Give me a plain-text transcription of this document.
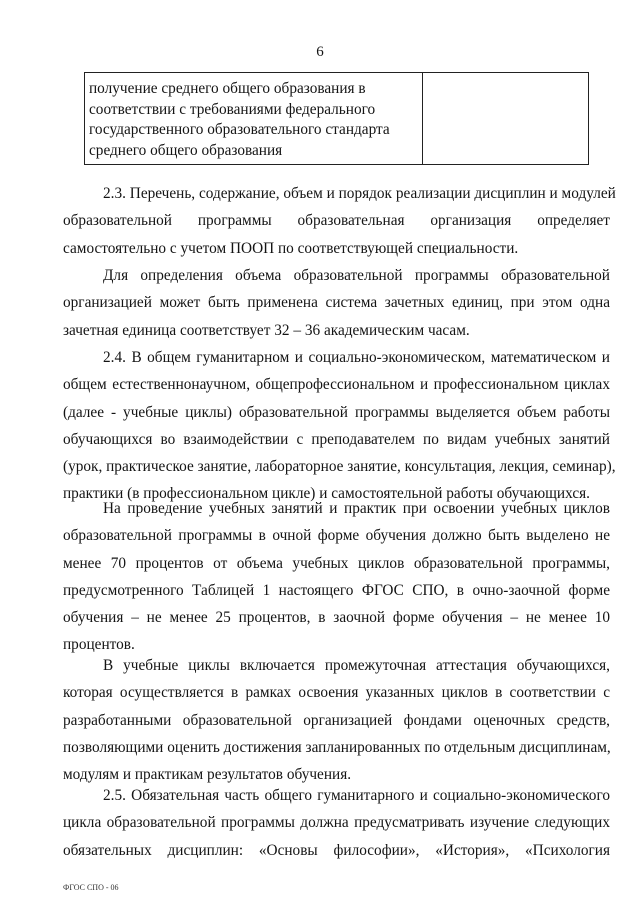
6
получение среднего общего образования в
соответствии с требованиями федерального
государственного образовательного стандарта
среднего общего образования
2.3. Перечень, содержание, объем и порядок реализации дисциплин и модулей
образовательной программы образовательная организация определяет
самостоятельно с учетом ПООП по соответствующей специальности.
Для определения объема образовательной программы образовательной
организацией может быть применена система зачетных единиц, при этом одна
зачетная единица соответствует 32 – 36 академическим часам.
2.4. В общем гуманитарном и социально-экономическом, математическом и
общем естественнонаучном, общепрофессиональном и профессиональном циклах
(далее - учебные циклы) образовательной программы выделяется объем работы
обучающихся во взаимодействии с преподавателем по видам учебных занятий
(урок, практическое занятие, лабораторное занятие, консультация, лекция, семинар),
практики (в профессиональном цикле) и самостоятельной работы обучающихся.
На проведение учебных занятий и практик при освоении учебных циклов
образовательной программы в очной форме обучения должно быть выделено не
менее 70 процентов от объема учебных циклов образовательной программы,
предусмотренного Таблицей 1 настоящего ФГОС СПО, в очно-заочной форме
обучения – не менее 25 процентов, в заочной форме обучения – не менее 10
процентов.
В учебные циклы включается промежуточная аттестация обучающихся,
которая осуществляется в рамках освоения указанных циклов в соответствии с
разработанными образовательной организацией фондами оценочных средств,
позволяющими оценить достижения запланированных по отдельным дисциплинам,
модулям и практикам результатов обучения.
2.5. Обязательная часть общего гуманитарного и социально-экономического
цикла образовательной программы должна предусматривать изучение следующих
обязательных дисциплин: «Основы философии», «История», «Психология
ФГОС СПО - 06
